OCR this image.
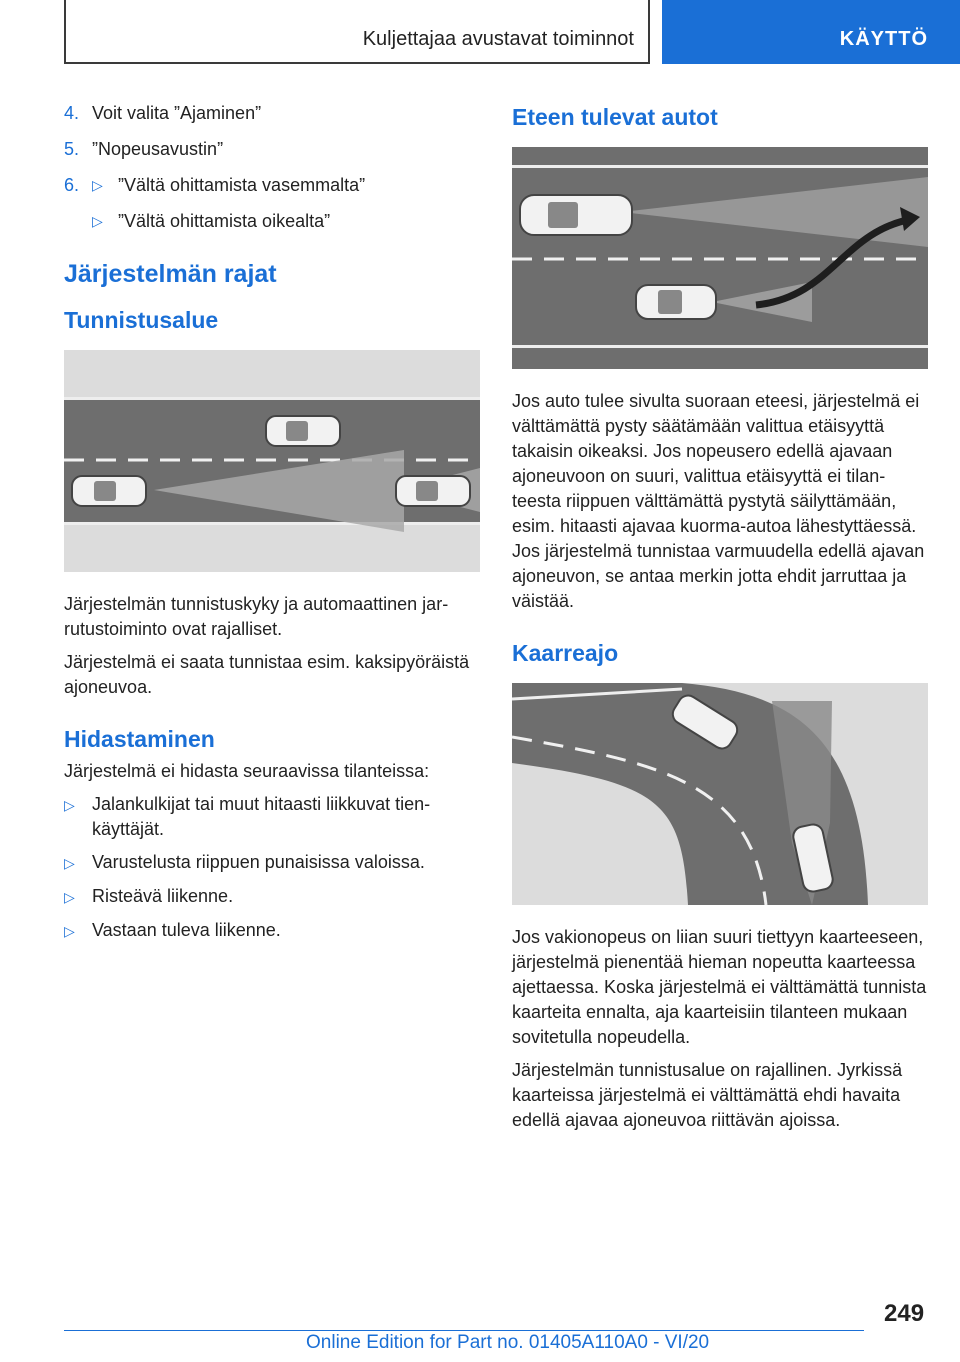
Kuljettajaa avustavat toiminnot	KÄYTTÖ
4. Voit valita ”Ajaminen”
5. ”Nopeusavustin”
6. ▷ ”Vältä ohittamista vasemmalta”
▷ ”Vältä ohittamista oikealta”
Järjestelmän rajat
Tunnistusalue

Järjestelmän tunnistuskyky ja automaattinen jarrutustoiminto ovat rajalliset.

Järjestelmä ei saata tunnistaa esim. kaksipyöräistä ajoneuvoa.

Hidastaminen

Järjestelmä ei hidasta seuraavissa tilanteissa:

▷ Jalankulkijat tai muut hitaasti liikkuvat tienkäyttäjät.
▷ Varustelusta riippuen punaisissa valoissa.
▷ Risteävä liikenne.
▷ Vastaan tuleva liikenne.
Eteen tulevat autot

Jos auto tulee sivulta suoraan eteesi, järjestelmä ei välttämättä pysty säätämään valittua etäisyyttä takaisin oikeaksi. Jos nopeusero edellä ajavaan ajoneuvoon on suuri, valittua etäisyyttä ei tilanteesta riippuen välttämättä pystytä säilyttämään, esim. hitaasti ajavaa kuorma-autoa lähestyttäessä. Jos järjestelmä tunnistaa varmuudella edellä ajavan ajoneuvon, se antaa merkin jotta ehdit jarruttaa ja väistää.

Kaarreajo

Jos vakionopeus on liian suuri tiettyyn kaarteeseen, järjestelmä pienentää hieman nopeutta kaarteessa ajettaessa. Koska järjestelmä ei välttämättä tunnista kaarteita ennalta, aja kaarteisiin tilanteen mukaan sovitetulla nopeudella.

Järjestelmän tunnistusalue on rajallinen. Jyrkissä kaarteissa järjestelmä ei välttämättä ehdi havaita edellä ajavaa ajoneuvoa riittävän ajoissa.

249
Online Edition for Part no. 01405A110A0 - VI/20
